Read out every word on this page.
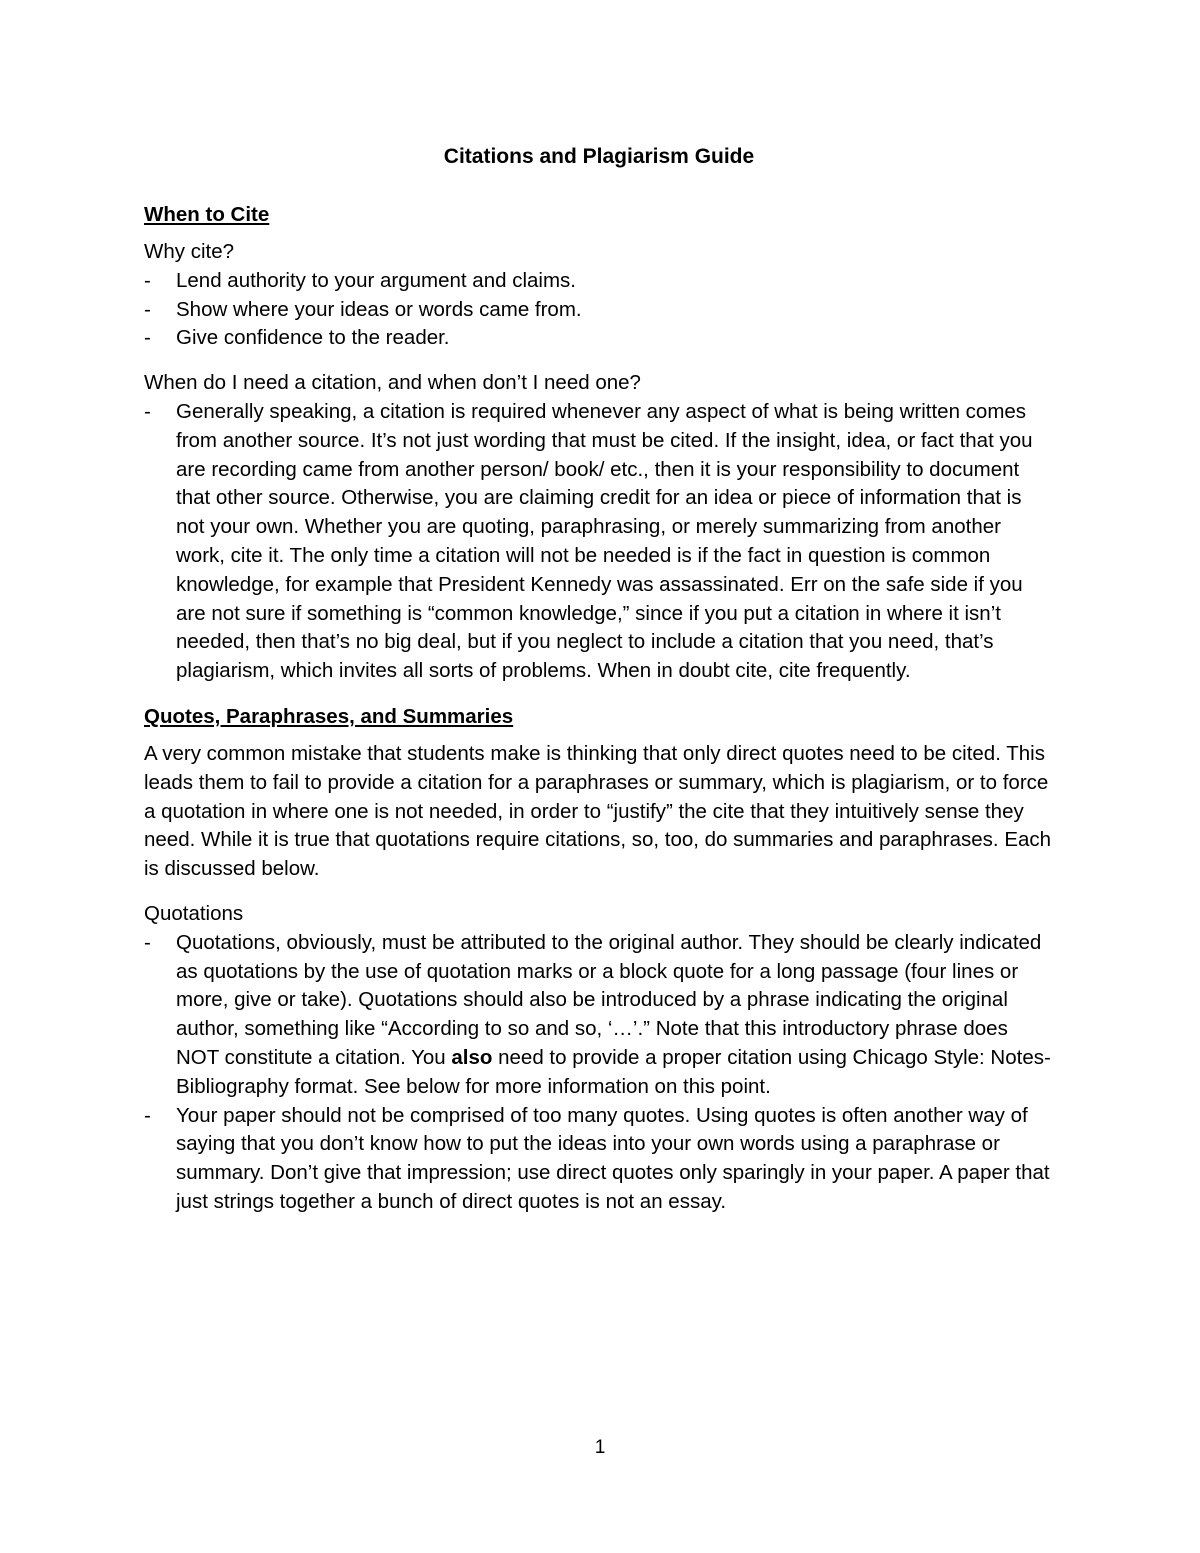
Citations and Plagiarism Guide
When to Cite
Why cite?
- Lend authority to your argument and claims.
- Show where your ideas or words came from.
- Give confidence to the reader.
When do I need a citation, and when don’t I need one?
- Generally speaking, a citation is required whenever any aspect of what is being written comes from another source. It’s not just wording that must be cited. If the insight, idea, or fact that you are recording came from another person/ book/ etc., then it is your responsibility to document that other source. Otherwise, you are claiming credit for an idea or piece of information that is not your own. Whether you are quoting, paraphrasing, or merely summarizing from another work, cite it. The only time a citation will not be needed is if the fact in question is common knowledge, for example that President Kennedy was assassinated. Err on the safe side if you are not sure if something is “common knowledge,” since if you put a citation in where it isn’t needed, then that’s no big deal, but if you neglect to include a citation that you need, that’s plagiarism, which invites all sorts of problems. When in doubt cite, cite frequently.
Quotes, Paraphrases, and Summaries

A very common mistake that students make is thinking that only direct quotes need to be cited. This leads them to fail to provide a citation for a paraphrases or summary, which is plagiarism, or to force a quotation in where one is not needed, in order to “justify” the cite that they intuitively sense they need. While it is true that quotations require citations, so, too, do summaries and paraphrases. Each is discussed below.

Quotations
- Quotations, obviously, must be attributed to the original author. They should be clearly indicated as quotations by the use of quotation marks or a block quote for a long passage (four lines or more, give or take). Quotations should also be introduced by a phrase indicating the original author, something like “According to so and so, ‘…’.” Note that this introductory phrase does NOT constitute a citation. You also need to provide a proper citation using Chicago Style: Notes-Bibliography format. See below for more information on this point.
- Your paper should not be comprised of too many quotes. Using quotes is often another way of saying that you don’t know how to put the ideas into your own words using a paraphrase or summary. Don’t give that impression; use direct quotes only sparingly in your paper. A paper that just strings together a bunch of direct quotes is not an essay.
1
